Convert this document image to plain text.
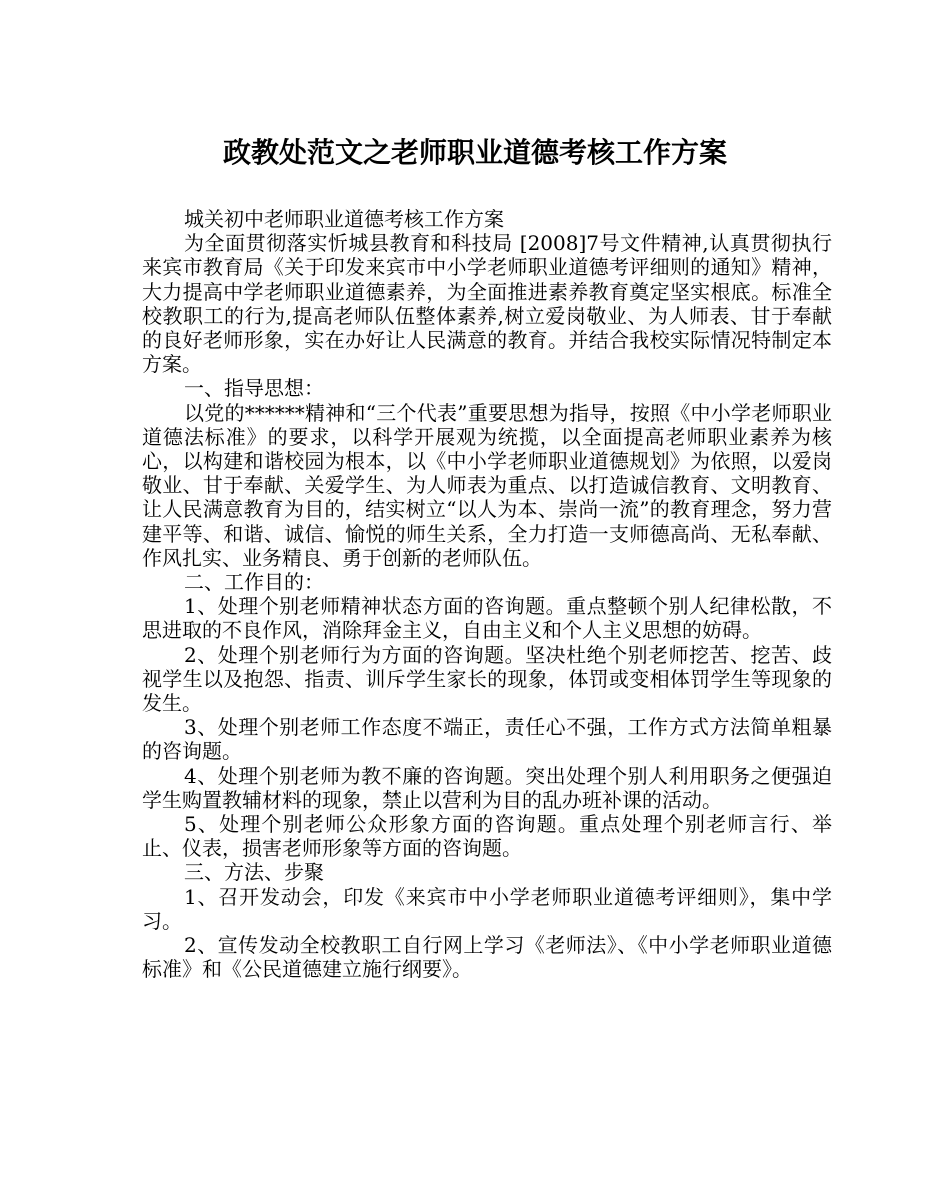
政教处范文之老师职业道德考核工作方案

城关初中老师职业道德考核工作方案

为全面贯彻落实忻城县教育和科技局 [2008]7号文件精神,认真贯彻执行来宾市教育局《关于印发来宾市中小学老师职业道德考评细则的通知》精神，大力提高中学老师职业道德素养，为全面推进素养教育奠定坚实根底。标准全校教职工的行为,提高老师队伍整体素养,树立爱岗敬业、为人师表、甘于奉献的良好老师形象，实在办好让人民满意的教育。并结合我校实际情况特制定本方案。

一、指导思想：

以党的******精神和“三个代表”重要思想为指导，按照《中小学老师职业道德法标准》的要求，以科学开展观为统揽，以全面提高老师职业素养为核心，以构建和谐校园为根本，以《中小学老师职业道德规划》为依照，以爱岗敬业、甘于奉献、关爱学生、为人师表为重点、以打造诚信教育、文明教育、让人民满意教育为目的，结实树立“以人为本、崇尚一流”的教育理念，努力营建平等、和谐、诚信、愉悦的师生关系，全力打造一支师德高尚、无私奉献、作风扎实、业务精良、勇于创新的老师队伍。

二、工作目的：

1、处理个别老师精神状态方面的咨询题。重点整顿个别人纪律松散，不思进取的不良作风，消除拜金主义，自由主义和个人主义思想的妨碍。

2、处理个别老师行为方面的咨询题。坚决杜绝个别老师挖苦、挖苦、歧视学生以及抱怨、指责、训斥学生家长的现象，体罚或变相体罚学生等现象的发生。

3、处理个别老师工作态度不端正，责任心不强，工作方式方法简单粗暴的咨询题。

4、处理个别老师为教不廉的咨询题。突出处理个别人利用职务之便强迫学生购置教辅材料的现象，禁止以营利为目的乱办班补课的活动。

5、处理个别老师公众形象方面的咨询题。重点处理个别老师言行、举止、仪表，损害老师形象等方面的咨询题。

三、方法、步聚

1、召开发动会，印发《来宾市中小学老师职业道德考评细则》，集中学习。

2、宣传发动全校教职工自行网上学习《老师法》、《中小学老师职业道德标准》和《公民道德建立施行纲要》。
